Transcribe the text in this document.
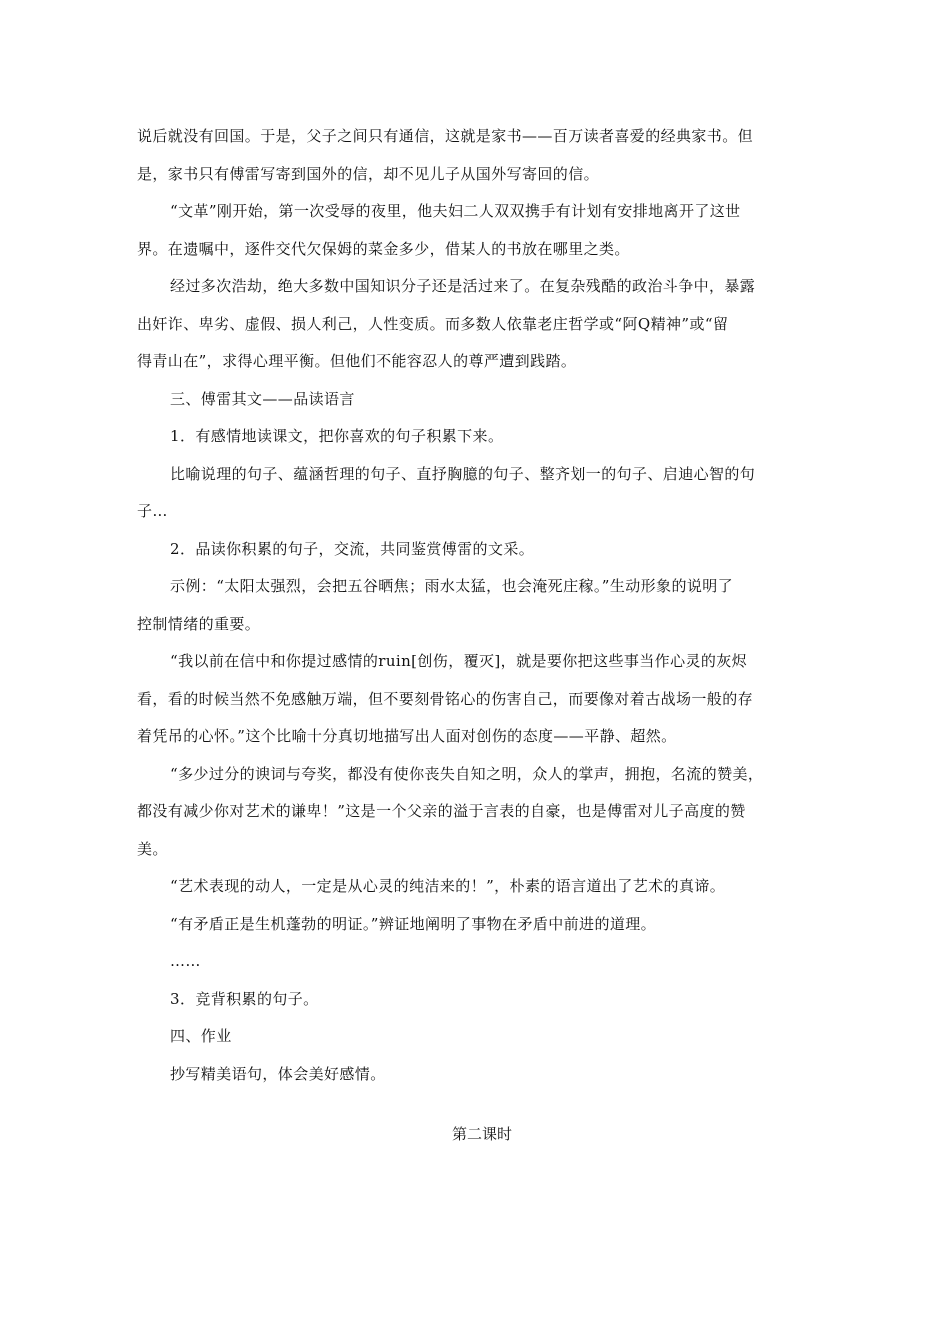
说后就没有回国。于是，父子之间只有通信，这就是家书——百万读者喜爱的经典家书。但
是，家书只有傅雷写寄到国外的信，却不见儿子从国外写寄回的信。
“文革”刚开始，第一次受辱的夜里，他夫妇二人双双携手有计划有安排地离开了这世
界。在遗嘱中，逐件交代欠保姆的菜金多少，借某人的书放在哪里之类。
经过多次浩劫，绝大多数中国知识分子还是活过来了。在复杂残酷的政治斗争中，暴露
出奸诈、卑劣、虚假、损人利己，人性变质。而多数人依靠老庄哲学或“阿Q精神”或“留
得青山在”，求得心理平衡。但他们不能容忍人的尊严遭到践踏。
三、傅雷其文——品读语言
1．有感情地读课文，把你喜欢的句子积累下来。
比喻说理的句子、蕴涵哲理的句子、直抒胸臆的句子、整齐划一的句子、启迪心智的句
子…
2．品读你积累的句子，交流，共同鉴赏傅雷的文采。
示例：“太阳太强烈，会把五谷晒焦；雨水太猛，也会淹死庄稼。”生动形象的说明了
控制情绪的重要。
“我以前在信中和你提过感情的ruin[创伤，覆灭]，就是要你把这些事当作心灵的灰烬
看，看的时候当然不免感触万端，但不要刻骨铭心的伤害自己，而要像对着古战场一般的存
着凭吊的心怀。”这个比喻十分真切地描写出人面对创伤的态度——平静、超然。
“多少过分的谀词与夸奖，都没有使你丧失自知之明，众人的掌声，拥抱，名流的赞美，
都没有减少你对艺术的谦卑！”这是一个父亲的溢于言表的自豪，也是傅雷对儿子高度的赞
美。
“艺术表现的动人，一定是从心灵的纯洁来的！”，朴素的语言道出了艺术的真谛。
“有矛盾正是生机蓬勃的明证。”辨证地阐明了事物在矛盾中前进的道理。
……
3．竞背积累的句子。
四、作业
抄写精美语句，体会美好感情。
第二课时
